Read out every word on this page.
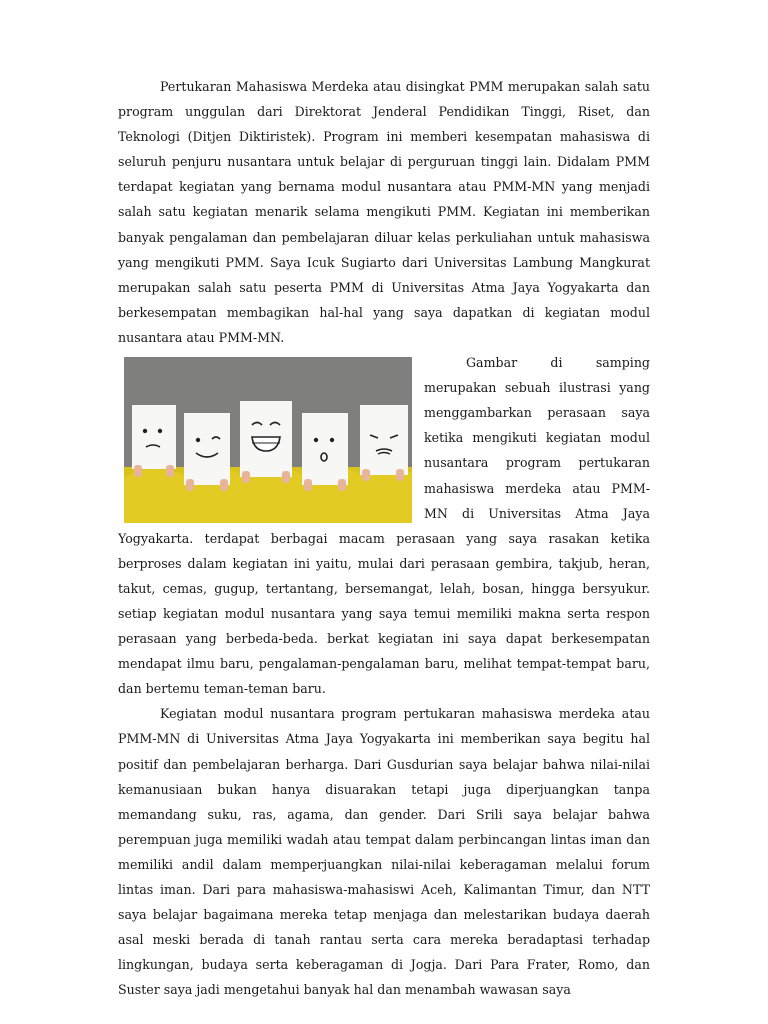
Pertukaran Mahasiswa Merdeka atau disingkat PMM merupakan salah satu program unggulan dari Direktorat Jenderal Pendidikan Tinggi, Riset, dan Teknologi (Ditjen Diktiristek). Program ini memberi kesempatan mahasiswa di seluruh penjuru nusantara untuk belajar di perguruan tinggi lain. Didalam PMM terdapat kegiatan yang bernama modul nusantara atau PMM-MN yang menjadi salah satu kegiatan menarik selama mengikuti PMM. Kegiatan ini memberikan banyak pengalaman dan pembelajaran diluar kelas perkuliahan untuk mahasiswa yang mengikuti PMM. Saya Icuk Sugiarto dari Universitas Lambung Mangkurat merupakan salah satu peserta PMM di Universitas Atma Jaya Yogyakarta dan berkesempatan membagikan hal-hal yang saya dapatkan di kegiatan modul nusantara atau PMM-MN.

Gambar di samping merupakan sebuah ilustrasi yang menggambarkan perasaan saya ketika mengikuti kegiatan modul nusantara program pertukaran mahasiswa merdeka atau PMM-MN di Universitas Atma Jaya Yogyakarta. terdapat berbagai macam perasaan yang saya rasakan ketika berproses dalam kegiatan ini yaitu, mulai dari perasaan gembira, takjub, heran, takut, cemas, gugup, tertantang, bersemangat, lelah, bosan, hingga bersyukur. setiap kegiatan modul nusantara yang saya temui memiliki makna serta respon perasaan yang berbeda-beda. berkat kegiatan ini saya dapat berkesempatan mendapat ilmu baru, pengalaman-pengalaman baru, melihat tempat-tempat baru, dan bertemu teman-teman baru.

Kegiatan modul nusantara program pertukaran mahasiswa merdeka atau PMM-MN di Universitas Atma Jaya Yogyakarta ini memberikan saya begitu hal positif dan pembelajaran berharga. Dari Gusdurian saya belajar bahwa nilai-nilai kemanusiaan bukan hanya disuarakan tetapi juga diperjuangkan tanpa memandang suku, ras, agama, dan gender. Dari Srili saya belajar bahwa perempuan juga memiliki wadah atau tempat dalam perbincangan lintas iman dan memiliki andil dalam memperjuangkan nilai-nilai keberagaman melalui forum lintas iman. Dari para mahasiswa-mahasiswi Aceh, Kalimantan Timur, dan NTT saya belajar bagaimana mereka tetap menjaga dan melestarikan budaya daerah asal meski berada di tanah rantau serta cara mereka beradaptasi terhadap lingkungan, budaya serta keberagaman di Jogja. Dari Para Frater, Romo, dan Suster saya jadi mengetahui banyak hal dan menambah wawasan saya
